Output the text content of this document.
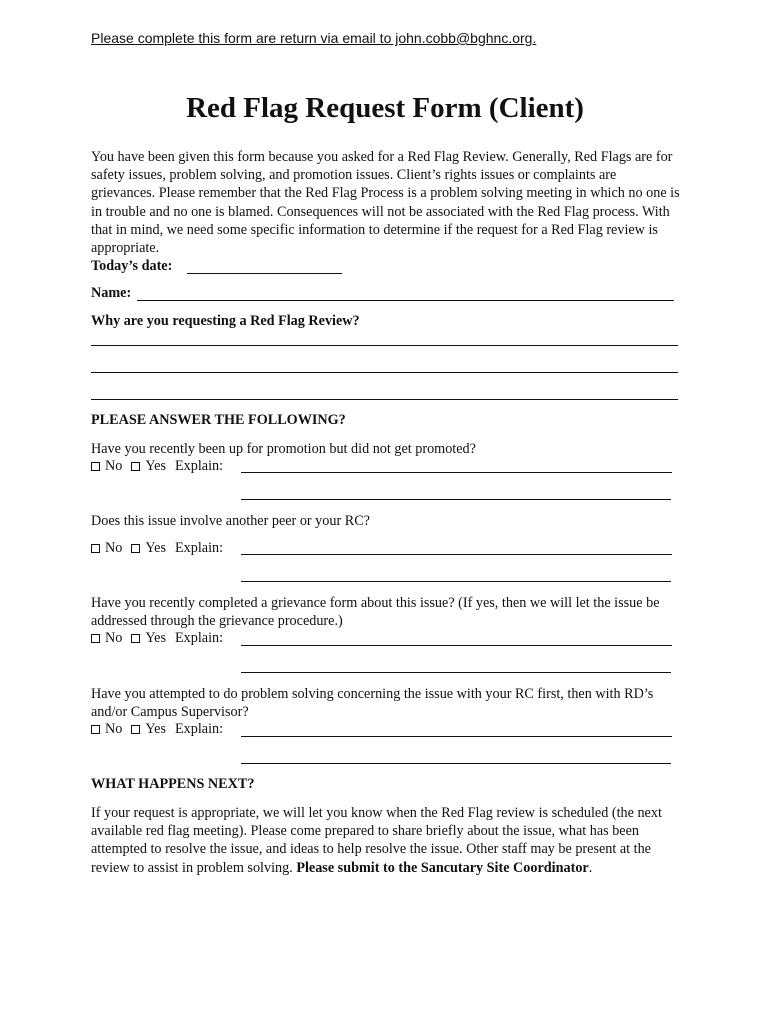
Please complete this form are return via email to john.cobb@bghnc.org.
Red Flag Request Form (Client)
You have been given this form because you asked for a Red Flag Review. Generally, Red Flags are for safety issues, problem solving, and promotion issues. Client’s rights issues or complaints are grievances. Please remember that the Red Flag Process is a problem solving meeting in which no one is in trouble and no one is blamed. Consequences will not be associated with the Red Flag process. With that in mind, we need some specific information to determine if the request for a Red Flag review is appropriate.
Today’s date:
Name:
Why are you requesting a Red Flag Review?
PLEASE ANSWER THE FOLLOWING?
Have you recently been up for promotion but did not get promoted?
No Yes Explain:
Does this issue involve another peer or your RC?
No Yes Explain:
Have you recently completed a grievance form about this issue? (If yes, then we will let the issue be addressed through the grievance procedure.)
No Yes Explain:
Have you attempted to do problem solving concerning the issue with your RC first, then with RD’s and/or Campus Supervisor?
No Yes Explain:
WHAT HAPPENS NEXT?
If your request is appropriate, we will let you know when the Red Flag review is scheduled (the next available red flag meeting). Please come prepared to share briefly about the issue, what has been attempted to resolve the issue, and ideas to help resolve the issue. Other staff may be present at the review to assist in problem solving. Please submit to the Sancutary Site Coordinator.
